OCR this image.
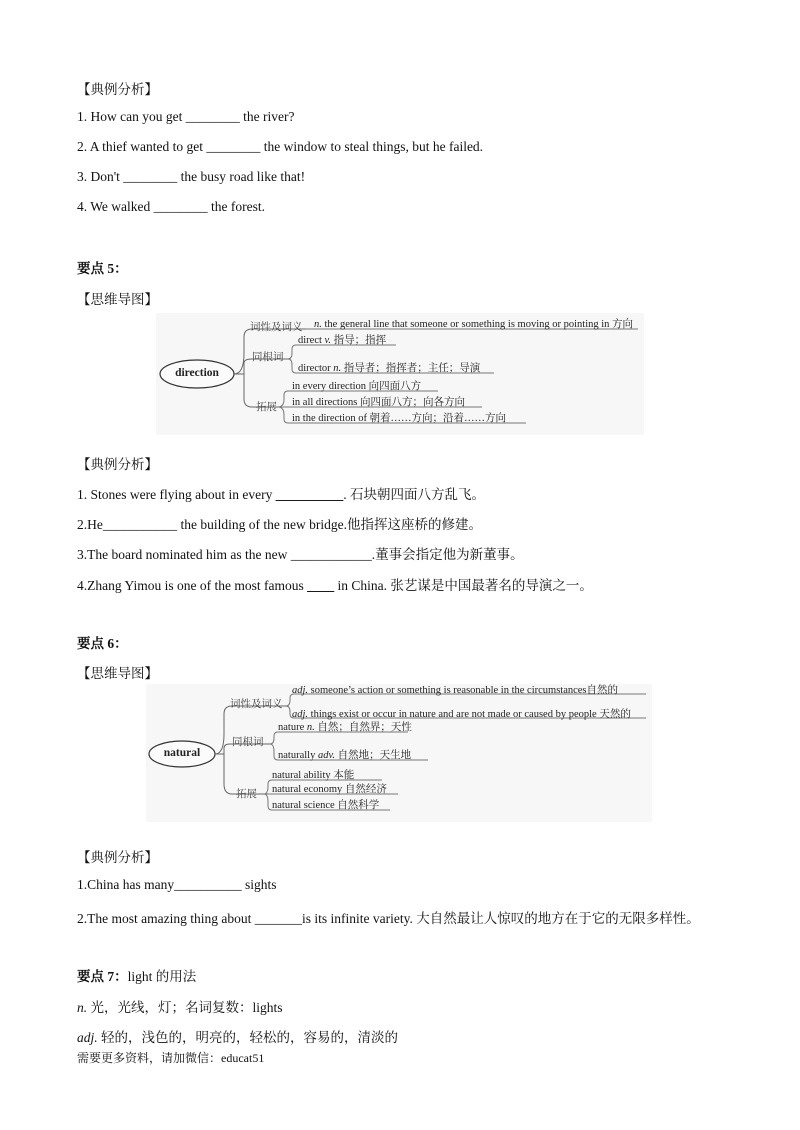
【典例分析】
1. How can you get ________ the river?
2. A thief wanted to get ________ the window to steal things, but he failed.
3. Don't ________ the busy road like that!
4. We walked ________ the forest.
要点 5：
【思维导图】
direction
词性及词义 n. the general line that someone or something is moving or pointing in 方向
同根词
direct v. 指导；指挥
director n. 指导者；指挥者；主任；导演
拓展
in every direction 向四面八方
in all directions 向四面八方；向各方向
in the direction of 朝着……方向；沿着……方向
【典例分析】
1. Stones were flying about in every __________. 石块朝四面八方乱飞。
2.He___________ the building of the new bridge.他指挥这座桥的修建。
3.The board nominated him as the new ____________.董事会指定他为新董事。
4.Zhang Yimou is one of the most famous ____ in China. 张艺谋是中国最著名的导演之一。
要点 6：
【思维导图】
natural
词性及词义
adj. someone’s action or something is reasonable in the circumstances自然的
adj. things exist or occur in nature and are not made or caused by people 天然的
同根词
nature n. 自然；自然界；天性
naturally adv. 自然地；天生地
拓展
natural ability 本能
natural economy 自然经济
natural science 自然科学
【典例分析】
1.China has many__________ sights
2.The most amazing thing about _______is its infinite variety. 大自然最让人惊叹的地方在于它的无限多样性。
要点 7：light 的用法
n. 光，光线，灯；名词复数：lights
adj. 轻的，浅色的，明亮的，轻松的，容易的，清淡的
需要更多资料，请加微信：educat51
